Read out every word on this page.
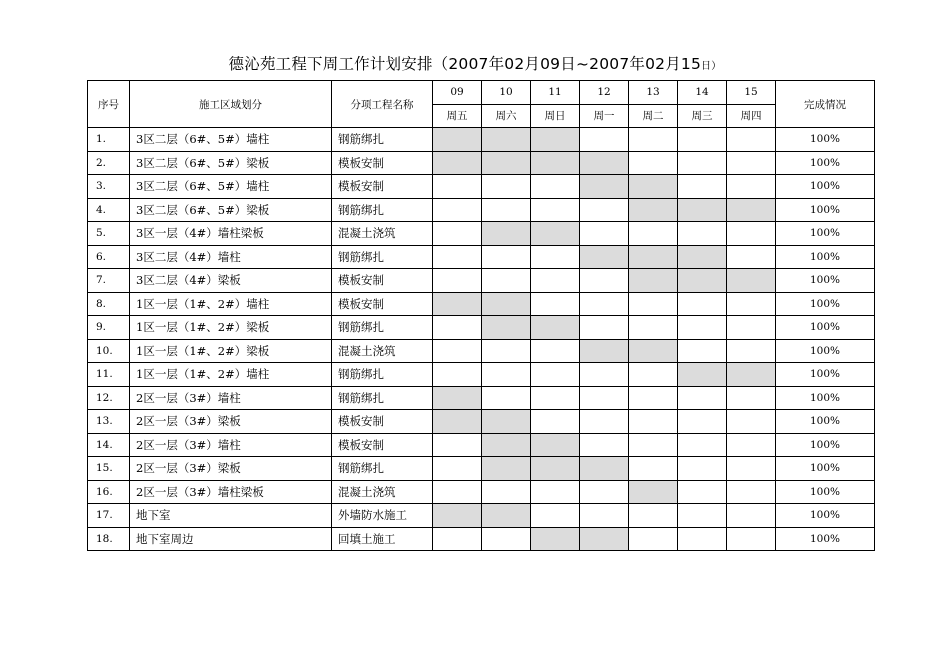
德沁苑工程下周工作计划安排（2007年02月09日~2007年02月15日）
序号	施工区域划分	分项工程名称	09	10	11	12	13	14	15	完成情况
			周五	周六	周日	周一	周二	周三	周四	
1.	3区二层（6#、5#）墙柱	钢筋绑扎								100%
2.	3区二层（6#、5#）梁板	模板安制								100%
3.	3区二层（6#、5#）墙柱	模板安制								100%
4.	3区二层（6#、5#）梁板	钢筋绑扎								100%
5.	3区一层（4#）墙柱梁板	混凝土浇筑								100%
6.	3区二层（4#）墙柱	钢筋绑扎								100%
7.	3区二层（4#）梁板	模板安制								100%
8.	1区一层（1#、2#）墙柱	模板安制								100%
9.	1区一层（1#、2#）梁板	钢筋绑扎								100%
10.	1区一层（1#、2#）梁板	混凝土浇筑								100%
11.	1区一层（1#、2#）墙柱	钢筋绑扎								100%
12.	2区一层（3#）墙柱	钢筋绑扎								100%
13.	2区一层（3#）梁板	模板安制								100%
14.	2区一层（3#）墙柱	模板安制								100%
15.	2区一层（3#）梁板	钢筋绑扎								100%
16.	2区一层（3#）墙柱梁板	混凝土浇筑								100%
17.	地下室	外墙防水施工								100%
18.	地下室周边	回填土施工								100%
